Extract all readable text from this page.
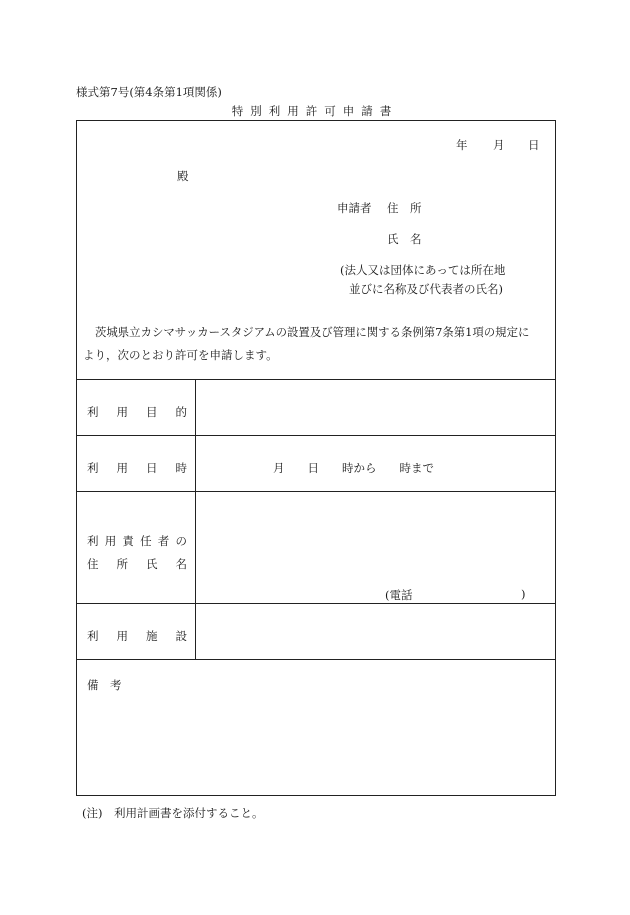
様式第7号(第4条第1項関係)
特別利用許可申請書
年 月 日
殿
申請者 住　所
氏　名
(法人又は団体にあっては所在地
並びに名称及び代表者の氏名)
茨城県立カシマサッカースタジアムの設置及び管理に関する条例第7条第1項の規定に
より，次のとおり許可を申請します。
利 用 目 的
利 用 日 時	月　　日　　時から　　時まで
利 用 責 任 者 の
住 所 氏 名
(電話	)
利 用 施 設
備　考
(注)　利用計画書を添付すること。
